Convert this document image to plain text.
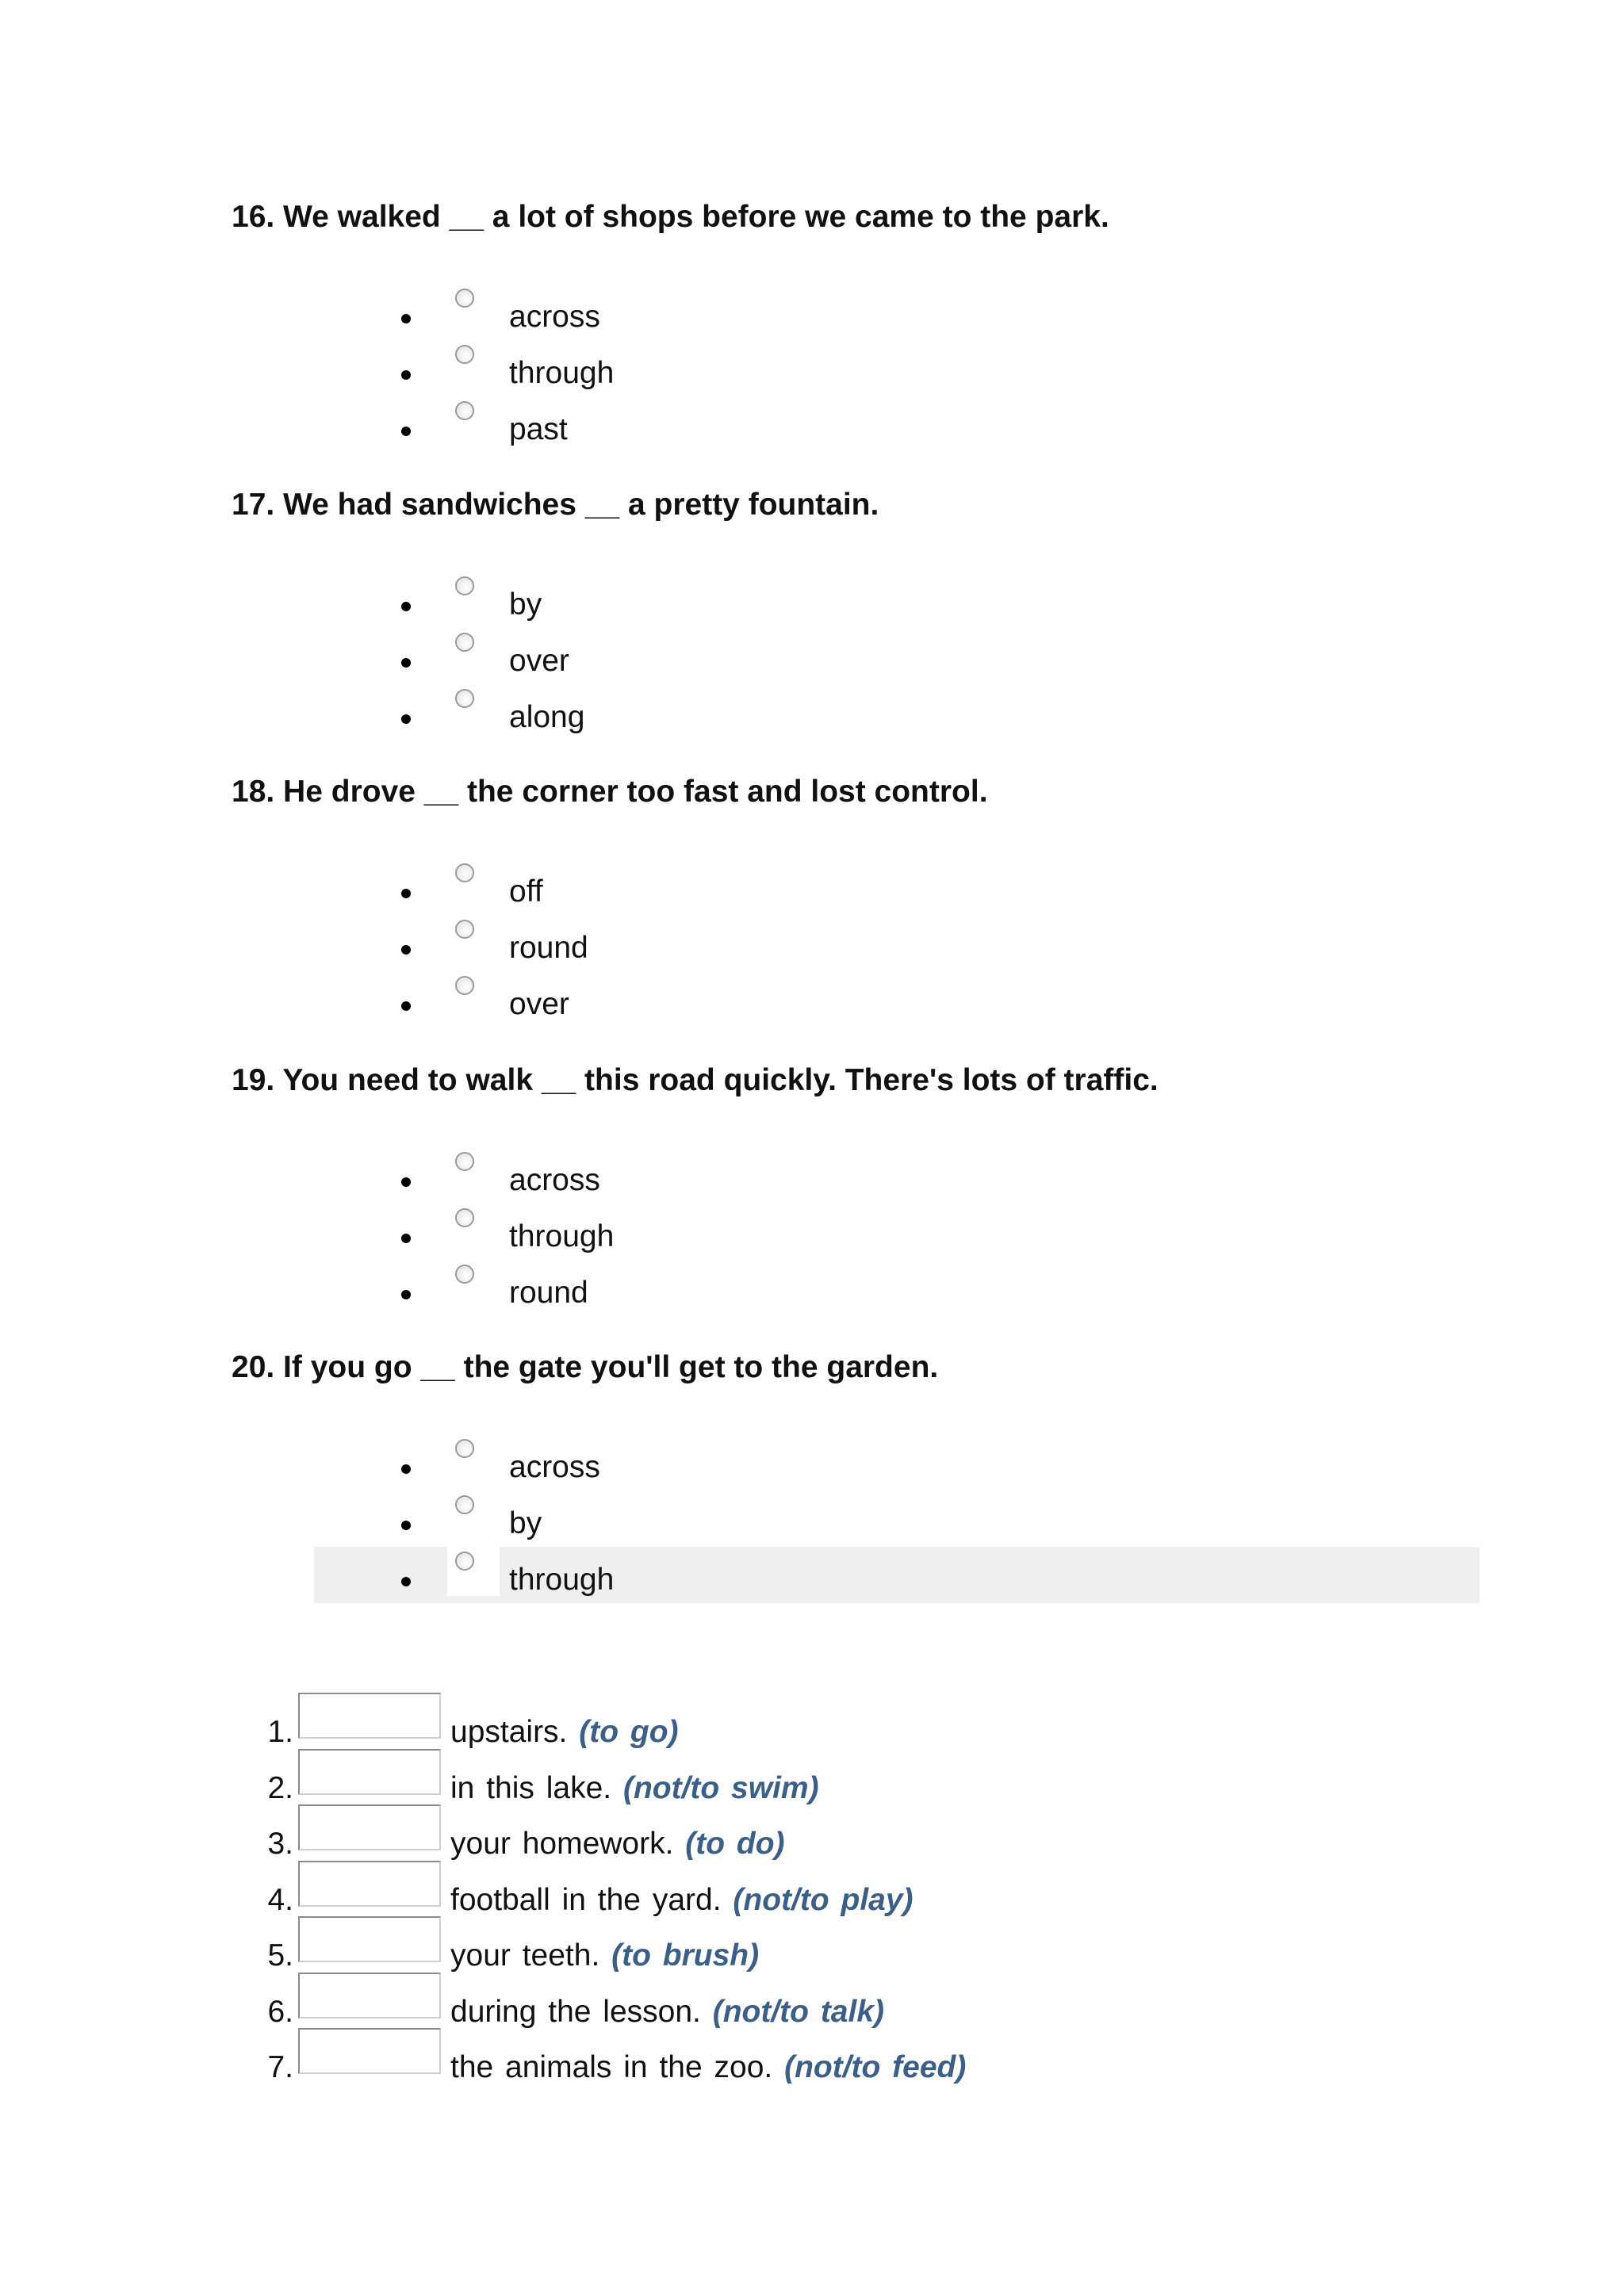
16. We walked __ a lot of shops before we came to the park.

across
through
past

17. We had sandwiches __ a pretty fountain.

by
over
along

18. He drove __ the corner too fast and lost control.

off
round
over

19. You need to walk __ this road quickly. There's lots of traffic.

across
through
round

20. If you go __ the gate you'll get to the garden.

across
by
through
1.	upstairs. (to go)
2.	in this lake. (not/to swim)
3.	your homework. (to do)
4.	football in the yard. (not/to play)
5.	your teeth. (to brush)
6.	during the lesson. (not/to talk)
7.	the animals in the zoo. (not/to feed)
